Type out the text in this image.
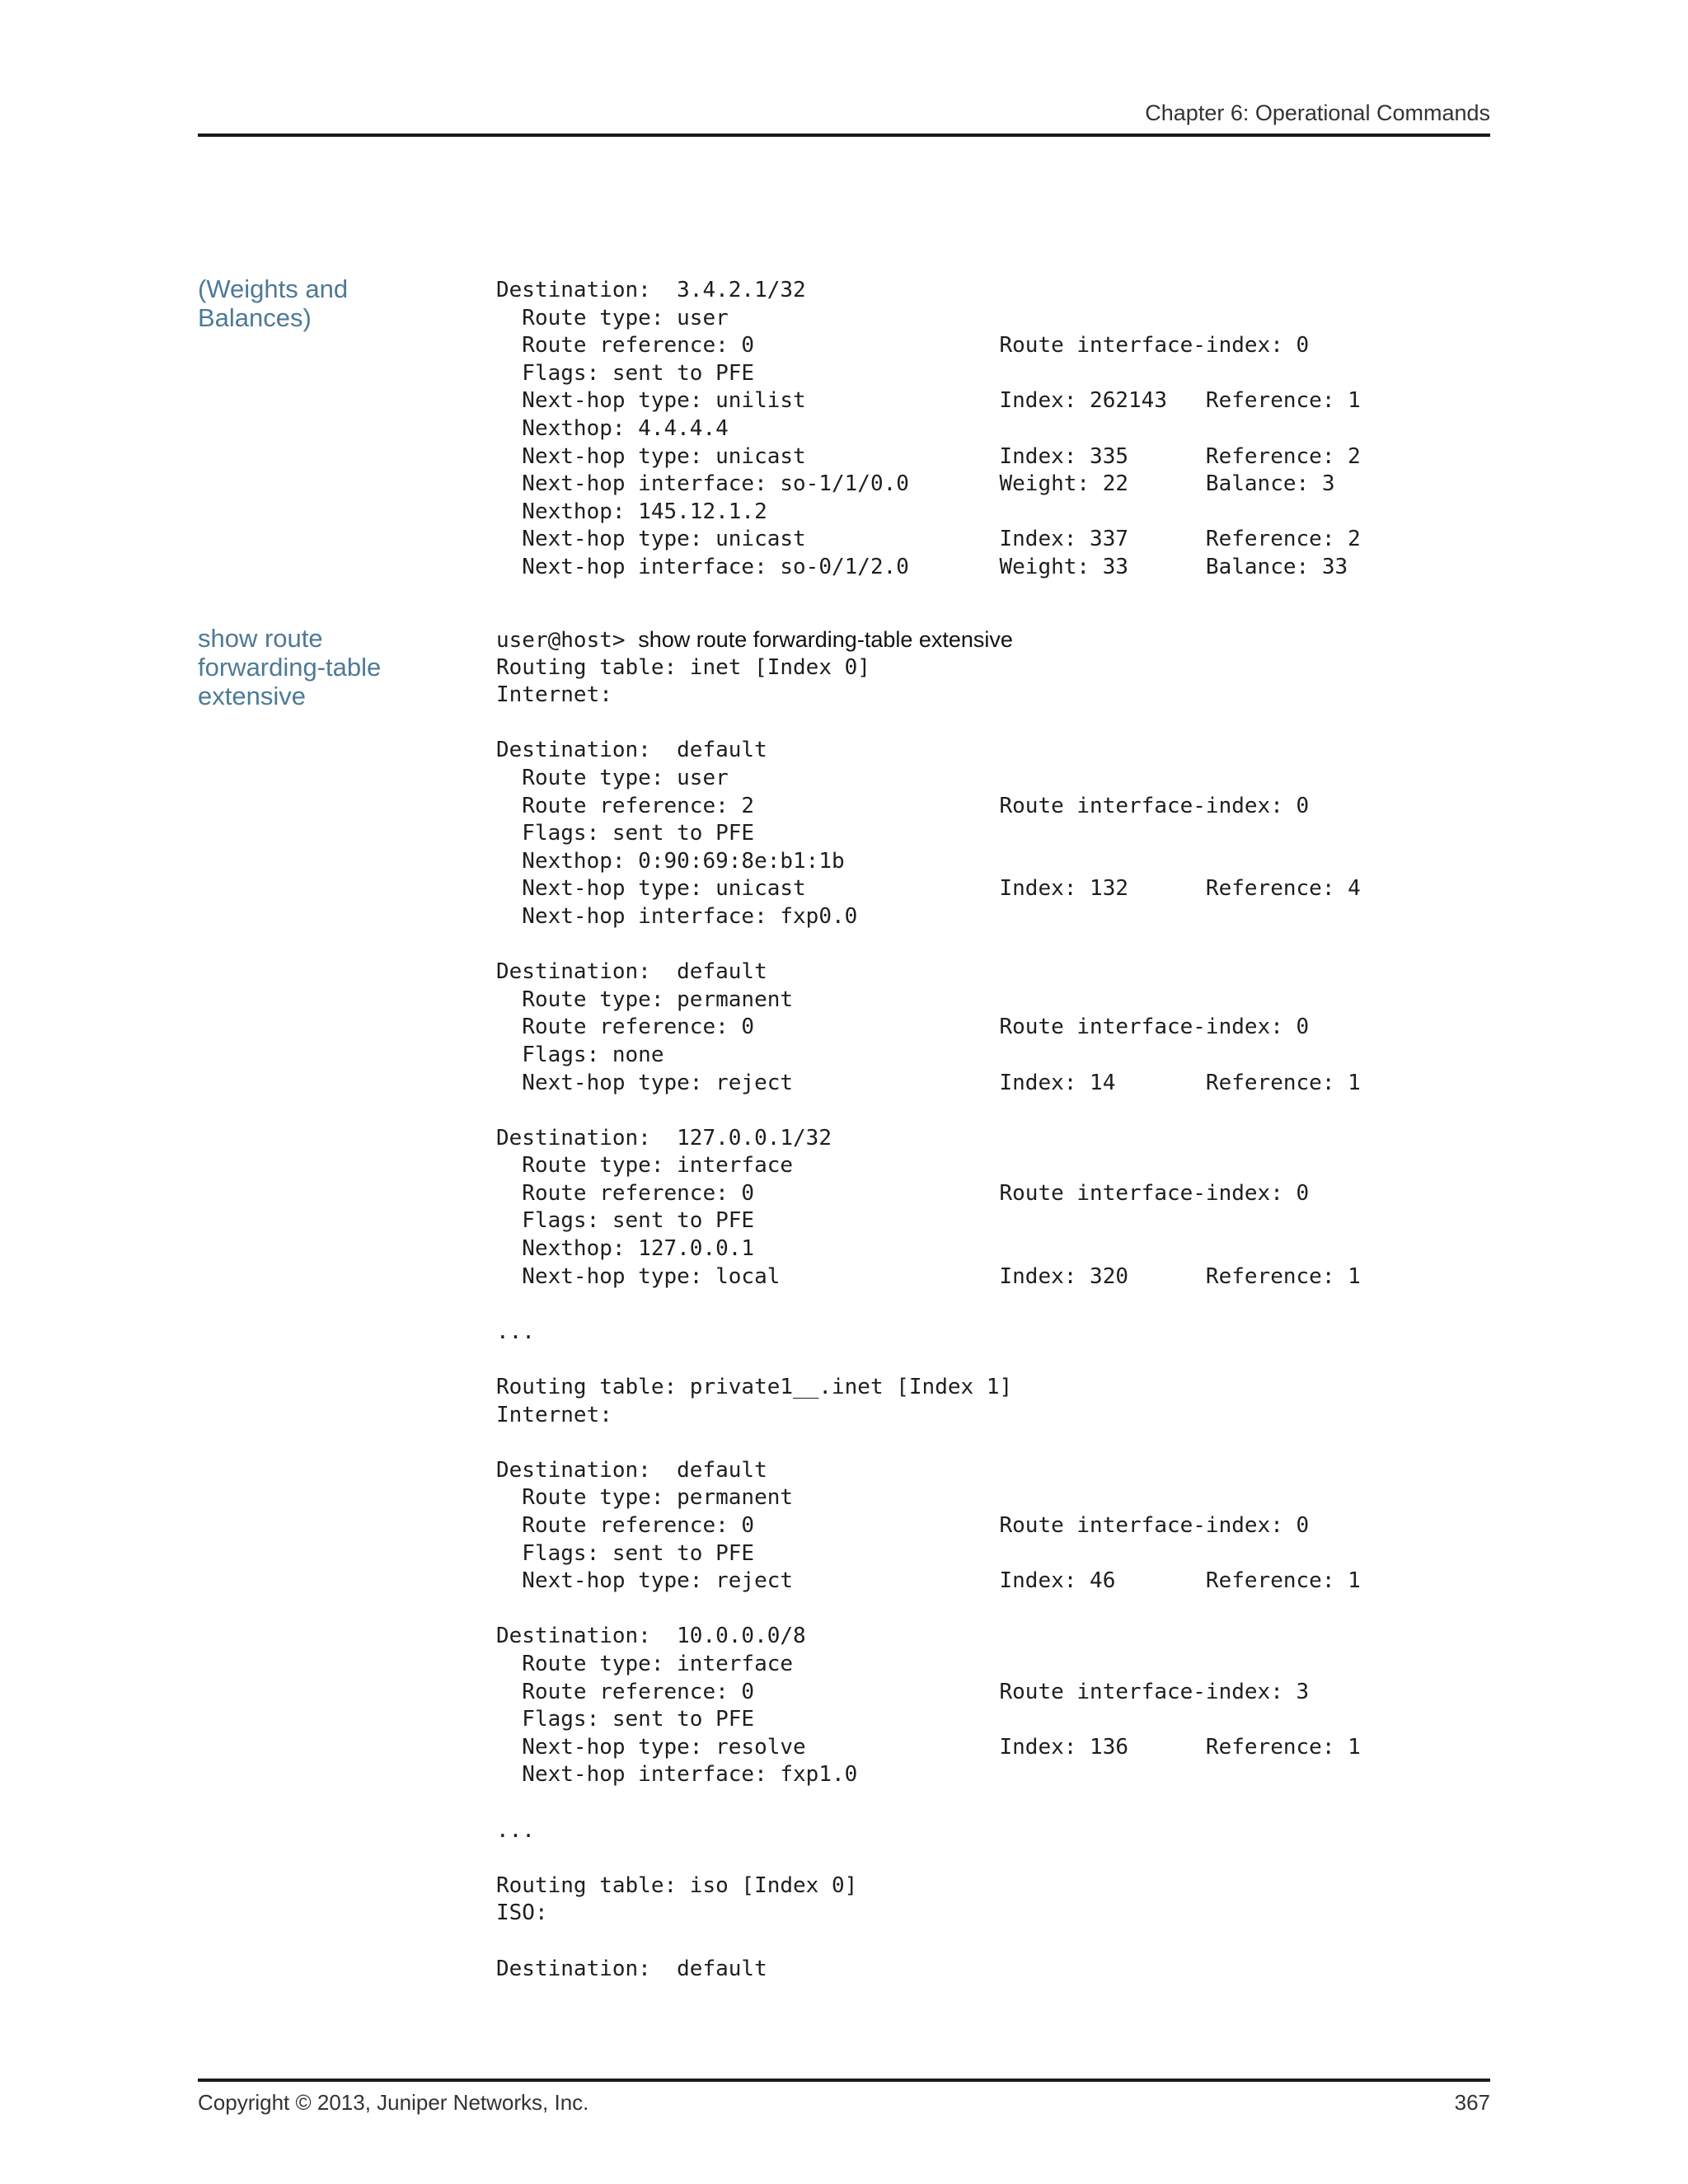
Chapter 6: Operational Commands
(Weights and
Balances)
Destination:  3.4.2.1/32
Route type: user
Route reference: 0                   Route interface-index: 0
Flags: sent to PFE
Next-hop type: unilist               Index: 262143   Reference: 1
Nexthop: 4.4.4.4
Next-hop type: unicast               Index: 335      Reference: 2
Next-hop interface: so-1/1/0.0       Weight: 22      Balance: 3
Nexthop: 145.12.1.2
Next-hop type: unicast               Index: 337      Reference: 2
Next-hop interface: so-0/1/2.0       Weight: 33      Balance: 33
show route
forwarding-table
extensive
user@host> show route forwarding-table extensive
Routing table: inet [Index 0]
Internet:
Destination:  default
Route type: user
Route reference: 2                   Route interface-index: 0
Flags: sent to PFE
Nexthop: 0:90:69:8e:b1:1b
Next-hop type: unicast               Index: 132      Reference: 4
Next-hop interface: fxp0.0
Destination:  default
Route type: permanent
Route reference: 0                   Route interface-index: 0
Flags: none
Next-hop type: reject                Index: 14       Reference: 1
Destination:  127.0.0.1/32
Route type: interface
Route reference: 0                   Route interface-index: 0
Flags: sent to PFE
Nexthop: 127.0.0.1
Next-hop type: local                 Index: 320      Reference: 1
...
Routing table: private1__.inet [Index 1]
Internet:
Destination:  default
Route type: permanent
Route reference: 0                   Route interface-index: 0
Flags: sent to PFE
Next-hop type: reject                Index: 46       Reference: 1
Destination:  10.0.0.0/8
Route type: interface
Route reference: 0                   Route interface-index: 3
Flags: sent to PFE
Next-hop type: resolve               Index: 136      Reference: 1
Next-hop interface: fxp1.0
...
Routing table: iso [Index 0]
ISO:
Destination:  default
Copyright © 2013, Juniper Networks, Inc.	367
